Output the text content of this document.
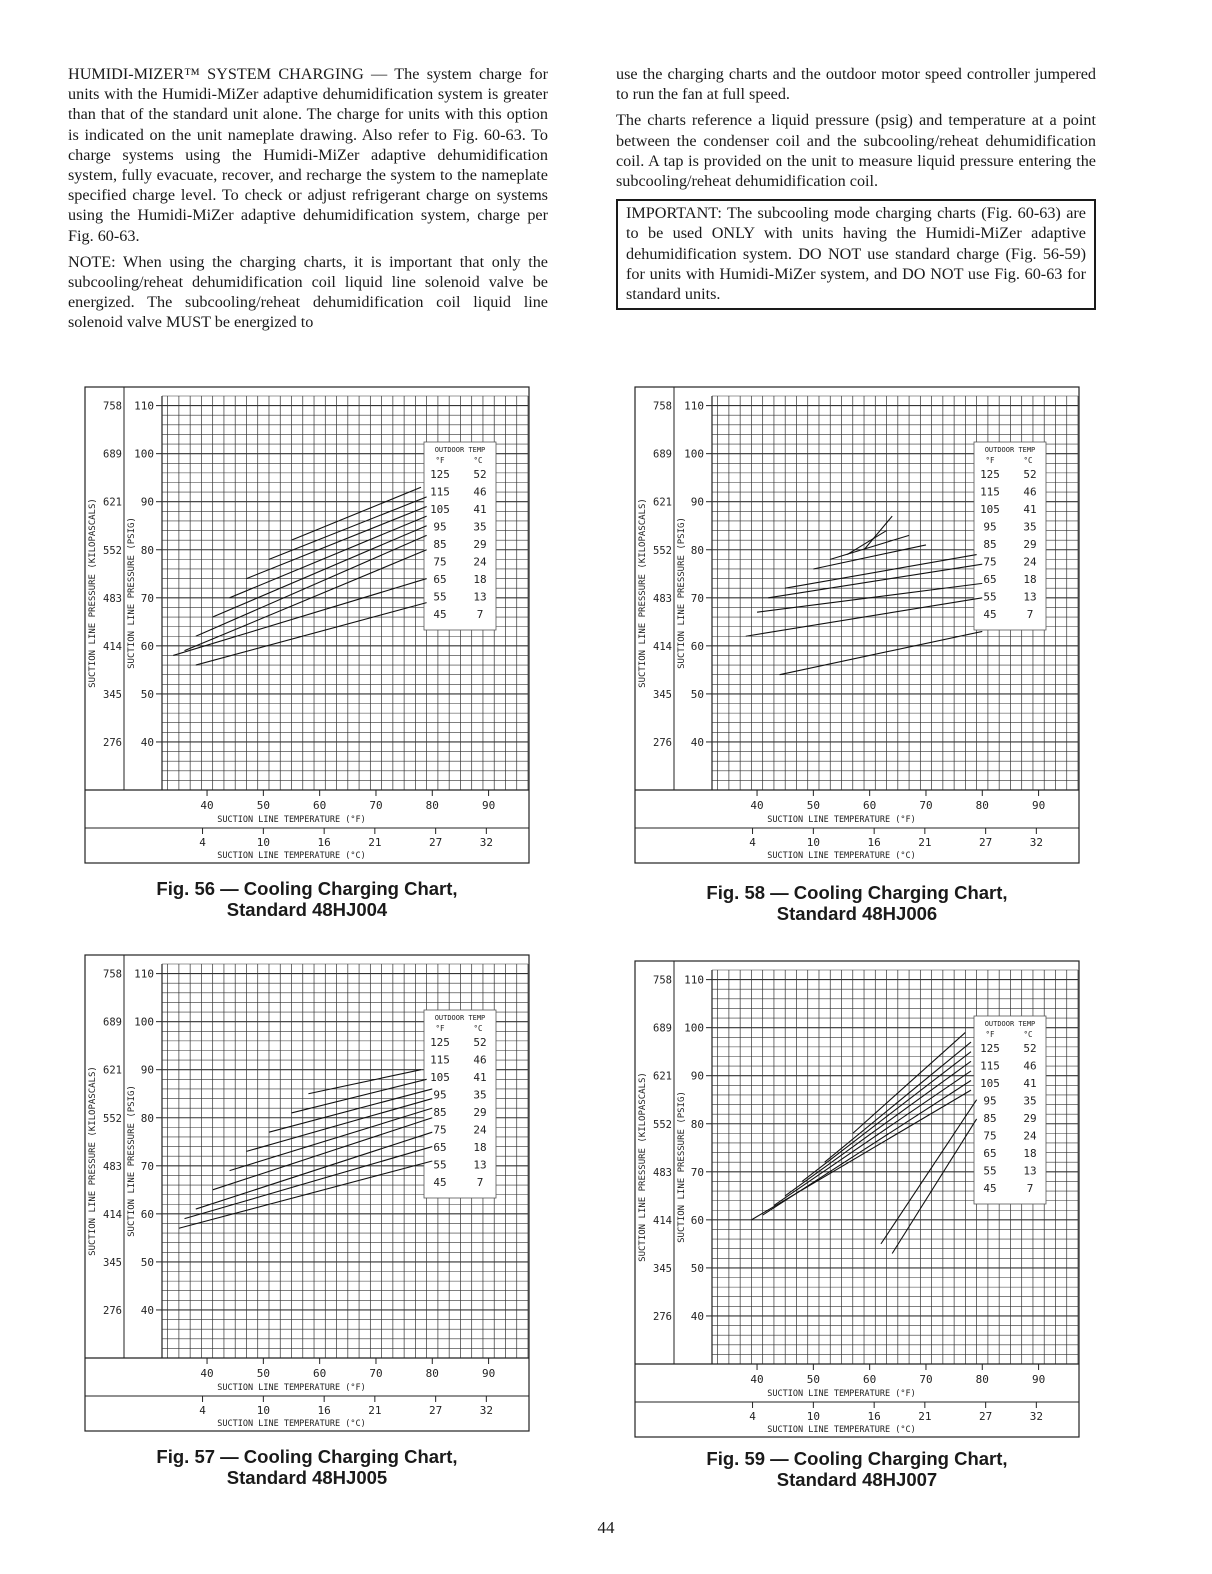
HUMIDI-MIZER™ SYSTEM CHARGING — The system charge for units with the Humidi-MiZer adaptive dehumidification system is greater than that of the standard unit alone. The charge for units with this option is indicated on the unit nameplate drawing. Also refer to Fig. 60-63. To charge systems using the Humidi-MiZer adaptive dehumidification system, fully evacuate, recover, and recharge the system to the nameplate specified charge level. To check or adjust refrigerant charge on systems using the Humidi-MiZer adaptive dehumidification system, charge per Fig. 60-63.

NOTE: When using the charging charts, it is important that only the subcooling/reheat dehumidification coil liquid line solenoid valve be energized. The subcooling/reheat dehumidification coil liquid line solenoid valve MUST be energized to

use the charging charts and the outdoor motor speed controller jumpered to run the fan at full speed.

The charts reference a liquid pressure (psig) and temperature at a point between the condenser coil and the subcooling/reheat dehumidification coil. A tap is provided on the unit to measure liquid pressure entering the subcooling/reheat dehumidification coil.

IMPORTANT: The subcooling mode charging charts (Fig. 60-63) are to be used ONLY with units having the Humidi-MiZer adaptive dehumidification system. DO NOT use standard charge (Fig. 56-59) for units with Humidi-MiZer system, and DO NOT use Fig. 60-63 for standard units.
OUTDOOR TEMP
°F	°C
125 52
115 46
105 41
95 35
85 29
75 24
65 18
55 13
45	7
40
276
50
345
60
414
70
483
80
552
90
621
100
689
110
758
SUCTION LINE PRESSURE (KILOPASCALS)	SUCTION LINE PRESSURE (PSIG)
40
4
50
10
60
16
70
21
80
27
90
32
SUCTION LINE TEMPERATURE (°F)
SUCTION LINE TEMPERATURE (°C)
Fig. 56 — Cooling Charging Chart,
Standard 48HJ004
OUTDOOR TEMP
°F	°C
125 52
115 46
105 41
95 35
85 29
75 24
65 18
55 13
45	7
40
276
50
345
60
414
70
483
80
552
90
621
100
689
110
758
SUCTION LINE PRESSURE (KILOPASCALS)	SUCTION LINE PRESSURE (PSIG)
40
4
50
10
60
16
70
21
80
27
90
32
SUCTION LINE TEMPERATURE (°F)
SUCTION LINE TEMPERATURE (°C)
Fig. 58 — Cooling Charging Chart,
Standard 48HJ006
OUTDOOR TEMP
°F	°C
125 52
115 46
105 41
95 35
85 29
75 24
65 18
55 13
45	7
40
276
50
345
60
414
70
483
80
552
90
621
100
689
110
758
SUCTION LINE PRESSURE (KILOPASCALS)	SUCTION LINE PRESSURE (PSIG)
40
4
50
10
60
16
70
21
80
27
90
32
SUCTION LINE TEMPERATURE (°F)
SUCTION LINE TEMPERATURE (°C)
Fig. 57 — Cooling Charging Chart,
Standard 48HJ005
OUTDOOR TEMP
°F	°C
125 52
115 46
105 41
95 35
85 29
75 24
65 18
55 13
45	7
40
276
50
345
60
414
70
483
80
552
90
621
100
689
110
758
SUCTION LINE PRESSURE (KILOPASCALS)	SUCTION LINE PRESSURE (PSIG)
40
4
50
10
60
16
70
21
80
27
90
32
SUCTION LINE TEMPERATURE (°F)
SUCTION LINE TEMPERATURE (°C)
Fig. 59 — Cooling Charging Chart,
Standard 48HJ007
44
